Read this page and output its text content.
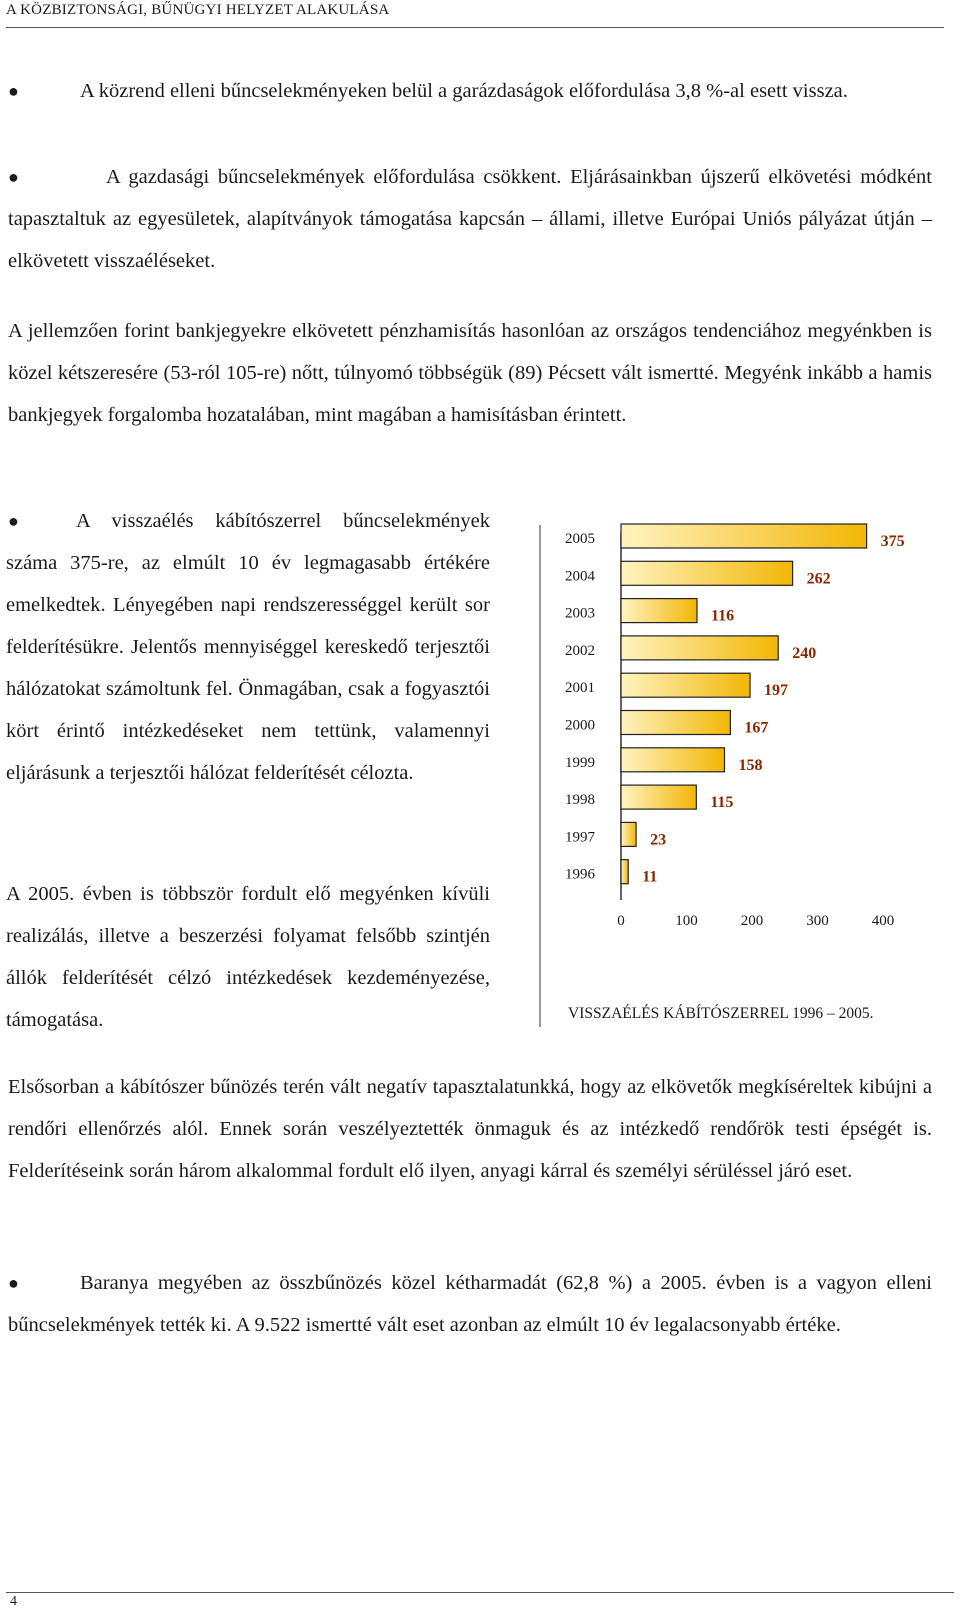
A KÖZBIZTONSÁGI, BŰNÜGYI HELYZET ALAKULÁSA
●	A közrend elleni bűncselekményeken belül a garázdaságok előfordulása 3,8 %-al esett vissza.
●	A gazdasági bűncselekmények előfordulása csökkent. Eljárásainkban újszerű elkövetési módként tapasztaltuk az egyesületek, alapítványok támogatása kapcsán – állami, illetve Európai Uniós pályázat útján – elkövetett visszaéléseket.
A jellemzően forint bankjegyekre elkövetett pénzhamisítás hasonlóan az országos tendenciához megyénkben is közel kétszeresére (53-ról 105-re) nőtt, túlnyomó többségük (89) Pécsett vált ismertté. Megyénk inkább a hamis bankjegyek forgalomba hozatalában, mint magában a hamisításban érintett.
●	A visszaélés kábítószerrel bűncselekmények száma 375-re, az elmúlt 10 év legmagasabb értékére emelkedtek. Lényegében napi rendszerességgel került sor felderítésükre. Jelentős mennyiséggel kereskedő terjesztői hálózatokat számoltunk fel. Önmagában, csak a fogyasztói kört érintő intézkedéseket nem tettünk, valamennyi eljárásunk a terjesztői hálózat felderítését célozta.
A 2005. évben is többször fordult elő megyénken kívüli realizálás, illetve a beszerzési folyamat felsőbb szintjén állók felderítését célzó intézkedések kezdeményezése, támogatása.
2005	375
2004	262
2003	116
2002	240
2001	197
2000	167
1999	158
1998	115
1997	23
1996	11
0	100	200	300	400
VISSZAÉLÉS KÁBÍTÓSZERREL 1996 – 2005.
Elsősorban a kábítószer bűnözés terén vált negatív tapasztalatunkká, hogy az elkövetők megkíséreltek kibújni a rendőri ellenőrzés alól. Ennek során veszélyeztették önmaguk és az intézkedő rendőrök testi épségét is. Felderítéseink során három alkalommal fordult elő ilyen, anyagi kárral és személyi sérüléssel járó eset.
●	Baranya megyében az összbűnözés közel kétharmadát (62,8 %) a 2005. évben is a vagyon elleni bűncselekmények tették ki. A 9.522 ismertté vált eset azonban az elmúlt 10 év legalacsonyabb értéke.
4
